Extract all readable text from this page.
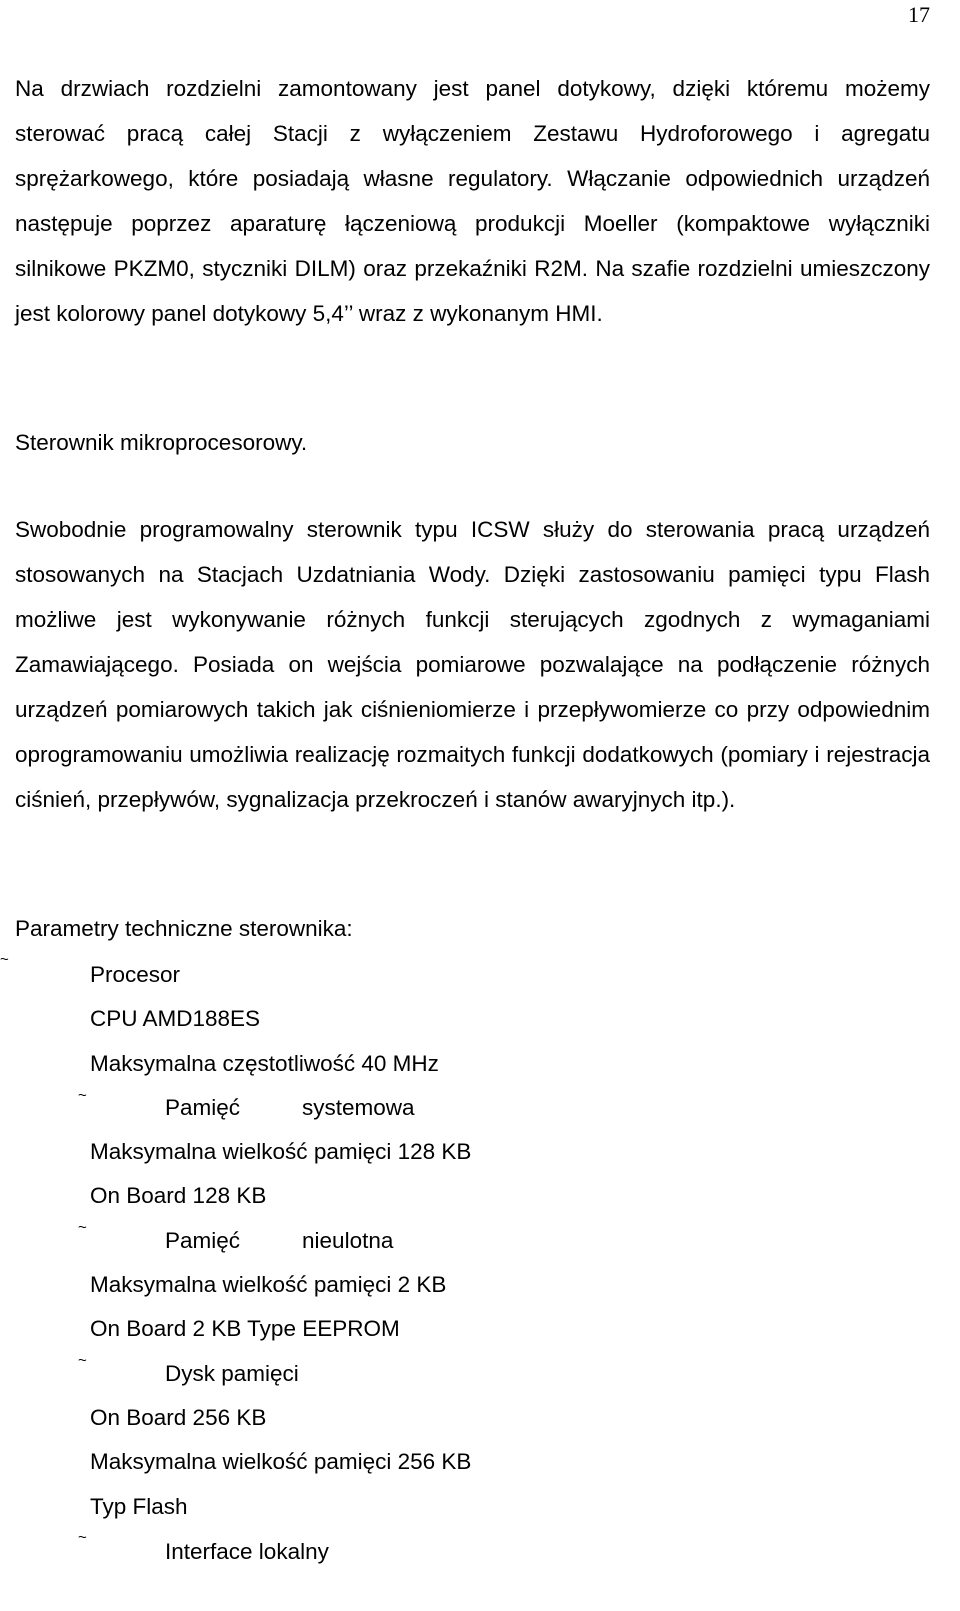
17

Na drzwiach rozdzielni zamontowany jest panel dotykowy, dzięki któremu możemy sterować pracą całej Stacji z wyłączeniem Zestawu Hydroforowego i agregatu sprężarkowego, które posiadają własne regulatory. Włączanie odpowiednich urządzeń następuje poprzez aparaturę łączeniową produkcji Moeller (kompaktowe wyłączniki silnikowe PKZM0, styczniki DILM) oraz przekaźniki R2M. Na szafie rozdzielni umieszczony jest kolorowy panel dotykowy 5,4’’ wraz z wykonanym HMI.

Sterownik mikroprocesorowy.

Swobodnie programowalny sterownik typu ICSW służy do sterowania pracą urządzeń stosowanych na Stacjach Uzdatniania Wody. Dzięki zastosowaniu pamięci typu Flash możliwe jest wykonywanie różnych funkcji sterujących zgodnych z wymaganiami Zamawiającego. Posiada on wejścia pomiarowe pozwalające na podłączenie różnych urządzeń pomiarowych takich jak ciśnieniomierze i przepływomierze co przy odpowiednim oprogramowaniu umożliwia realizację rozmaitych funkcji dodatkowych (pomiary i rejestracja ciśnień, przepływów, sygnalizacja przekroczeń i stanów awaryjnych itp.).

Parametry techniczne sterownika:
~
~
~
~
~
Procesor
CPU AMD188ES
Maksymalna częstotliwość 40 MHz
Pamięć	systemowa
Maksymalna wielkość pamięci 128 KB
On Board 128 KB
Pamięć	nieulotna
Maksymalna wielkość pamięci 2 KB
On Board 2 KB Type EEPROM
Dysk pamięci
On Board 256 KB
Maksymalna wielkość pamięci 256 KB
Typ Flash
Interface lokalny
